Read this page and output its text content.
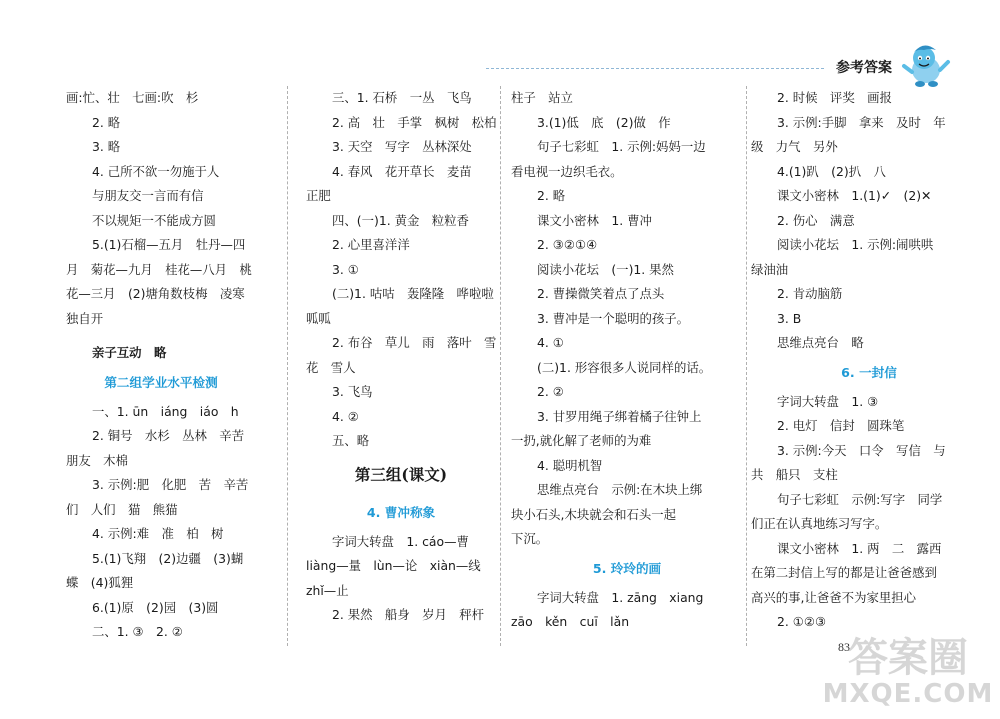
参考答案
画:忙、壮　七画:吹　杉
2. 略
3. 略
4. 己所不欲一勿施于人
与朋友交一言而有信
不以规矩一不能成方圆
5.(1)石榴—五月　牡丹—四
月　菊花—九月　桂花—八月　桃
花—三月　(2)塘角数枝梅　凌寒
独自开
亲子互动　略
第二组学业水平检测
一、1. ūn　iáng　iáo　h
2. 铜号　水杉　丛林　辛苦
朋友　木棉
3. 示例:肥　化肥　苦　辛苦
们　人们　猫　熊猫
4. 示例:难　准　柏　树
5.(1)飞翔　(2)边疆　(3)蝴
蝶　(4)狐狸
6.(1)原　(2)园　(3)圆
二、1. ③　2. ②
三、1. 石桥　一丛　飞鸟
2. 高　壮　手掌　枫树　松柏
3. 天空　写字　丛林深处
4. 春风　花开草长　麦苗
正肥
四、(一)1. 黄金　粒粒香
2. 心里喜洋洋
3. ①
(二)1. 咕咕　轰隆隆　哗啦啦
呱呱
2. 布谷　草儿　雨　落叶　雪
花　雪人
3. 飞鸟
4. ②
五、略
第三组(课文)
4. 曹冲称象
字词大转盘　1. cáo—曹
liàng—量　lùn—论　xiàn—线
zhǐ—止
2. 果然　船身　岁月　秤杆
柱子　站立
3.(1)低　底　(2)做　作
句子七彩虹　1. 示例:妈妈一边
看电视一边织毛衣。
2. 略
课文小密林　1. 曹冲
2. ③②①④
阅读小花坛　(一)1. 果然
2. 曹操微笑着点了点头
3. 曹冲是一个聪明的孩子。
4. ①
(二)1. 形容很多人说同样的话。
2. ②
3. 甘罗用绳子绑着橘子往钟上
一扔,就化解了老师的为难
4. 聪明机智
思维点亮台　示例:在木块上绑
块小石头,木块就会和石头一起
下沉。
5. 玲玲的画
字词大转盘　1. zāng　xiang
zāo　kěn　cuī　lǎn
2. 时候　评奖　画报
3. 示例:手脚　拿来　及时　年
级　力气　另外
4.(1)趴　(2)扒　八
课文小密林　1.(1)✓　(2)✕
2. 伤心　满意
阅读小花坛　1. 示例:闹哄哄
绿油油
2. 肯动脑筋
3. B
思维点亮台　略
6. 一封信
字词大转盘　1. ③
2. 电灯　信封　圆珠笔
3. 示例:今天　口令　写信　与
共　船只　支柱
句子七彩虹　示例:写字　同学
们正在认真地练习写字。
课文小密林　1. 两　二　露西
在第二封信上写的都是让爸爸感到
高兴的事,让爸爸不为家里担心
2. ①②③
83
答案圈
MXQE.COM
